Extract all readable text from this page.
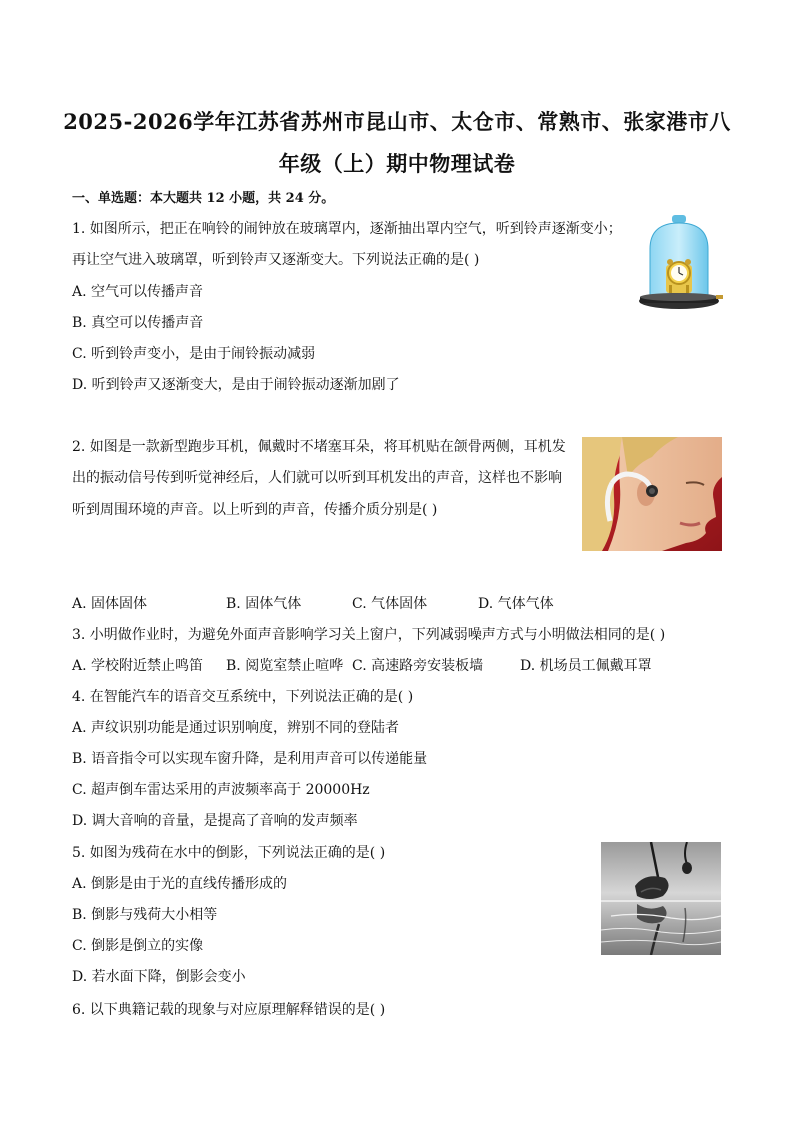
2025-2026学年江苏省苏州市昆山市、太仓市、常熟市、张家港市八
年级（上）期中物理试卷
一、单选题：本大题共 12 小题，共 24 分。
1. 如图所示，把正在响铃的闹钟放在玻璃罩内，逐渐抽出罩内空气，听到铃声逐渐变小；
再让空气进入玻璃罩，听到铃声又逐渐变大。下列说法正确的是( )
A. 空气可以传播声音
B. 真空可以传播声音
C. 听到铃声变小，是由于闹铃振动减弱
D. 听到铃声又逐渐变大，是由于闹铃振动逐渐加剧了
2. 如图是一款新型跑步耳机，佩戴时不堵塞耳朵，将耳机贴在颌骨两侧，耳机发
出的振动信号传到听觉神经后，人们就可以听到耳机发出的声音，这样也不影响
听到周围环境的声音。以上听到的声音，传播介质分别是( )
A. 固体固体	B. 固体气体	C. 气体固体	D. 气体气体
3. 小明做作业时，为避免外面声音影响学习关上窗户，下列减弱噪声方式与小明做法相同的是( )
A. 学校附近禁止鸣笛 B. 阅览室禁止喧哗 C. 高速路旁安装板墙	D. 机场员工佩戴耳罩
4. 在智能汽车的语音交互系统中，下列说法正确的是( )
A. 声纹识别功能是通过识别响度，辨别不同的登陆者
B. 语音指令可以实现车窗升降，是利用声音可以传递能量
C. 超声倒车雷达采用的声波频率高于 20000Hz
D. 调大音响的音量，是提高了音响的发声频率
5. 如图为残荷在水中的倒影，下列说法正确的是( )
A. 倒影是由于光的直线传播形成的
B. 倒影与残荷大小相等
C. 倒影是倒立的实像
D. 若水面下降，倒影会变小
6. 以下典籍记载的现象与对应原理解释错误的是( )
